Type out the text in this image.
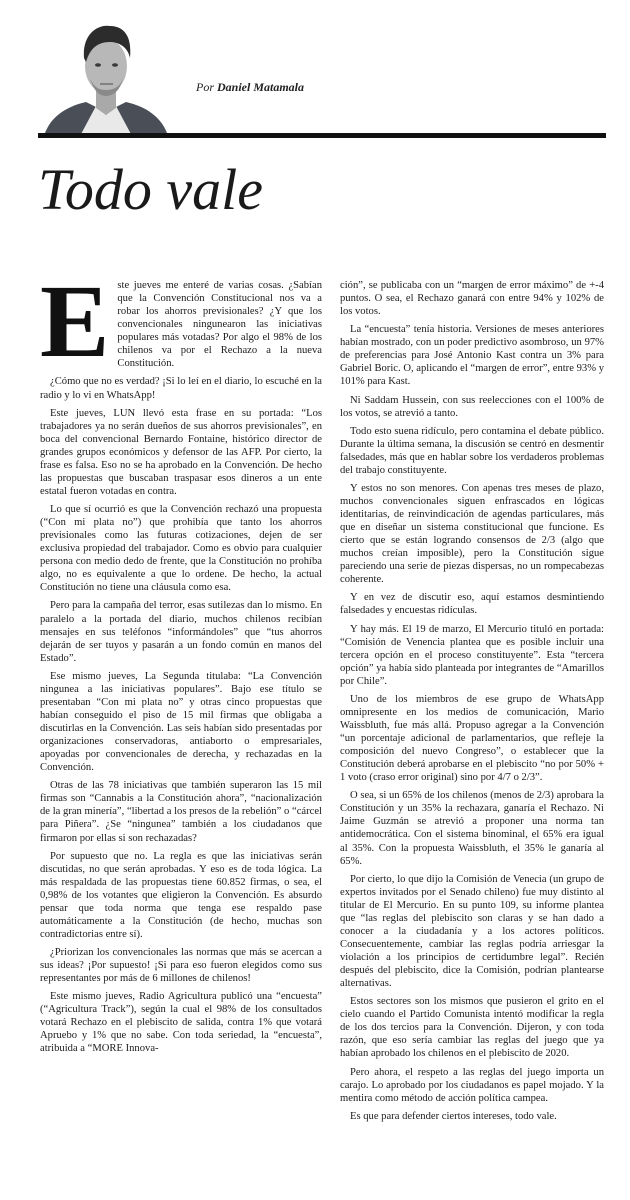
Por Daniel Matamala
Todo vale

Este jueves me enteré de varias cosas. ¿Sabían que la Convención Constitucional nos va a robar los ahorros previsionales? ¿Y que los convencionales ningunearon las iniciativas populares más votadas? Por algo el 98% de los chilenos va por el Rechazo a la nueva Constitución.

¿Cómo que no es verdad? ¡Si lo leí en el diario, lo escuché en la radio y lo vi en WhatsApp!

Este jueves, LUN llevó esta frase en su portada: “Los trabajadores ya no serán dueños de sus ahorros previsionales”, en boca del convencional Bernardo Fontaine, histórico director de grandes grupos económicos y defensor de las AFP. Por cierto, la frase es falsa. Eso no se ha aprobado en la Convención. De hecho las propuestas que buscaban traspasar esos dineros a un ente estatal fueron votadas en contra.

Lo que sí ocurrió es que la Convención rechazó una propuesta (“Con mi plata no”) que prohibía que tanto los ahorros previsionales como las futuras cotizaciones, dejen de ser exclusiva propiedad del trabajador. Como es obvio para cualquier persona con medio dedo de frente, que la Constitución no prohíba algo, no es equivalente a que lo ordene. De hecho, la actual Constitución no tiene una cláusula como esa.

Pero para la campaña del terror, esas sutilezas dan lo mismo. En paralelo a la portada del diario, muchos chilenos recibían mensajes en sus teléfonos “informándoles” que “tus ahorros dejarán de ser tuyos y pasarán a un fondo común en manos del Estado”.

Ese mismo jueves, La Segunda titulaba: “La Convención ningunea a las iniciativas populares”. Bajo ese título se presentaban “Con mi plata no” y otras cinco propuestas que habían conseguido el piso de 15 mil firmas que obligaba a discutirlas en la Convención. Las seis habían sido presentadas por organizaciones conservadoras, antiaborto o empresariales, apoyadas por convencionales de derecha, y rechazadas en la Convención.

Otras de las 78 iniciativas que también superaron las 15 mil firmas son “Cannabis a la Constitución ahora”, “nacionalización de la gran minería”, “libertad a los presos de la rebelión” o “cárcel para Piñera”. ¿Se “ningunea” también a los ciudadanos que firmaron por ellas si son rechazadas?

Por supuesto que no. La regla es que las iniciativas serán discutidas, no que serán aprobadas. Y eso es de toda lógica. La más respaldada de las propuestas tiene 60.852 firmas, o sea, el 0,98% de los votantes que eligieron la Convención. Es absurdo pensar que toda norma que tenga ese respaldo pase automáticamente a la Constitución (de hecho, muchas son contradictorias entre sí).

¿Priorizan los convencionales las normas que más se acercan a sus ideas? ¡Por supuesto! ¡Si para eso fueron elegidos como sus representantes por más de 6 millones de chilenos!

Este mismo jueves, Radio Agricultura publicó una “encuesta” (“Agricultura Track”), según la cual el 98% de los consultados votará Rechazo en el plebiscito de salida, contra 1% que votará Apruebo y 1% que no sabe. Con toda seriedad, la “encuesta”, atribuida a “MORE Innova-

ción”, se publicaba con un “margen de error máximo” de +-4 puntos. O sea, el Rechazo ganará con entre 94% y 102% de los votos.

La “encuesta” tenía historia. Versiones de meses anteriores habían mostrado, con un poder predictivo asombroso, un 97% de preferencias para José Antonio Kast contra un 3% para Gabriel Boric. O, aplicando el “margen de error”, entre 93% y 101% para Kast.

Ni Saddam Hussein, con sus reelecciones con el 100% de los votos, se atrevió a tanto.

Todo esto suena ridículo, pero contamina el debate público. Durante la última semana, la discusión se centró en desmentir falsedades, más que en hablar sobre los verdaderos problemas del trabajo constituyente.

Y estos no son menores. Con apenas tres meses de plazo, muchos convencionales siguen enfrascados en lógicas identitarias, de reinvindicación de agendas particulares, más que en diseñar un sistema constitucional que funcione. Es cierto que se están logrando consensos de 2/3 (algo que muchos creían imposible), pero la Constitución sigue pareciendo una serie de piezas dispersas, no un rompecabezas coherente.

Y en vez de discutir eso, aquí estamos desmintiendo falsedades y encuestas ridículas.

Y hay más. El 19 de marzo, El Mercurio tituló en portada: “Comisión de Venencia plantea que es posible incluir una tercera opción en el proceso constituyente”. Esta “tercera opción” ya había sido planteada por integrantes de “Amarillos por Chile”.

Uno de los miembros de ese grupo de WhatsApp omnipresente en los medios de comunicación, Mario Waissbluth, fue más allá. Propuso agregar a la Convención “un porcentaje adicional de parlamentarios, que refleje la composición del nuevo Congreso”, o establecer que la Constitución deberá aprobarse en el plebiscito “no por 50% + 1 voto (craso error original) sino por 4/7 o 2/3”.

O sea, si un 65% de los chilenos (menos de 2/3) aprobara la Constitución y un 35% la rechazara, ganaría el Rechazo. Ni Jaime Guzmán se atrevió a proponer una norma tan antidemocrática. Con el sistema binominal, el 65% era igual al 35%. Con la propuesta Waissbluth, el 35% le ganaría al 65%.

Por cierto, lo que dijo la Comisión de Venecia (un grupo de expertos invitados por el Senado chileno) fue muy distinto al titular de El Mercurio. En su punto 109, su informe plantea que “las reglas del plebiscito son claras y se han dado a conocer a la ciudadanía y a los actores políticos. Consecuentemente, cambiar las reglas podría arriesgar la violación a los principios de certidumbre legal”. Recién después del plebiscito, dice la Comisión, podrían plantearse alternativas.

Estos sectores son los mismos que pusieron el grito en el cielo cuando el Partido Comunista intentó modificar la regla de los dos tercios para la Convención. Dijeron, y con toda razón, que eso sería cambiar las reglas del juego que ya habían aprobado los chilenos en el plebiscito de 2020.

Pero ahora, el respeto a las reglas del juego importa un carajo. Lo aprobado por los ciudadanos es papel mojado. Y la mentira como método de acción política campea.

Es que para defender ciertos intereses, todo vale.
